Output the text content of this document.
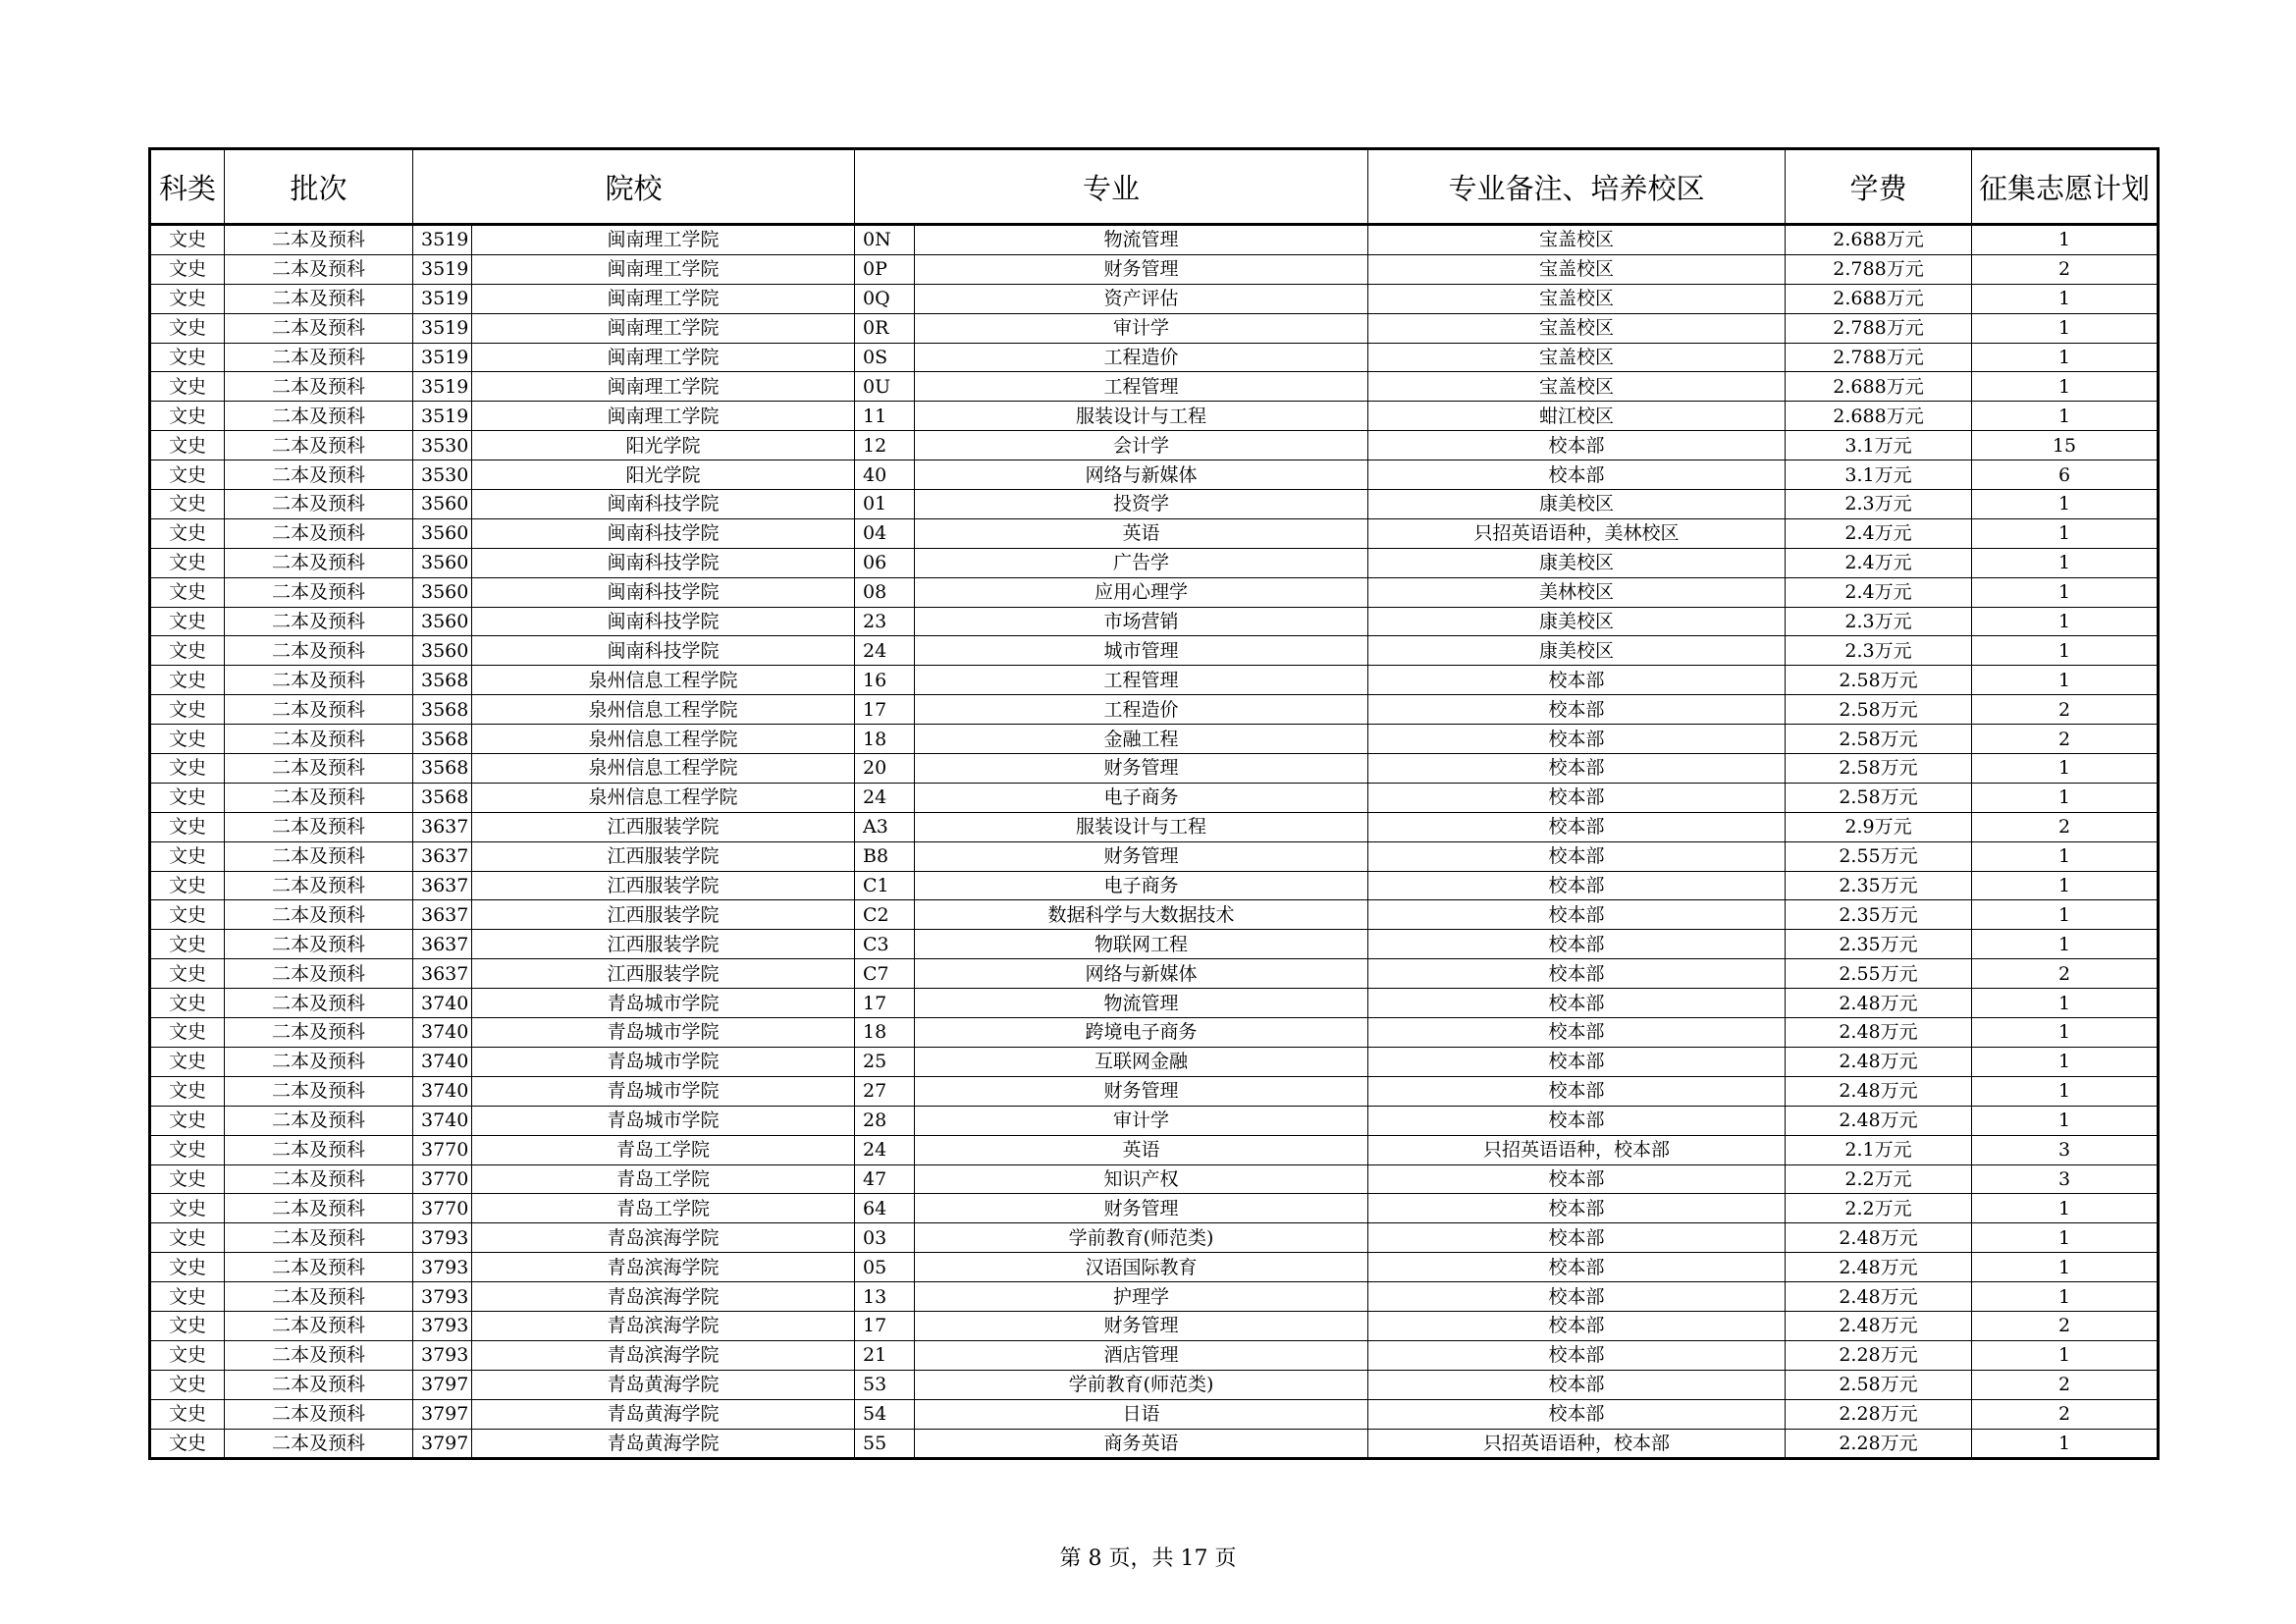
科类	批次	院校		专业		专业备注、培养校区	学费	征集志愿计划
文史	二本及预科	3519	闽南理工学院	0N	物流管理	宝盖校区	2.688万元	1
文史	二本及预科	3519	闽南理工学院	0P	财务管理	宝盖校区	2.788万元	2
文史	二本及预科	3519	闽南理工学院	0Q	资产评估	宝盖校区	2.688万元	1
文史	二本及预科	3519	闽南理工学院	0R	审计学	宝盖校区	2.788万元	1
文史	二本及预科	3519	闽南理工学院	0S	工程造价	宝盖校区	2.788万元	1
文史	二本及预科	3519	闽南理工学院	0U	工程管理	宝盖校区	2.688万元	1
文史	二本及预科	3519	闽南理工学院	11	服装设计与工程	蚶江校区	2.688万元	1
文史	二本及预科	3530	阳光学院	12	会计学	校本部	3.1万元	15
文史	二本及预科	3530	阳光学院	40	网络与新媒体	校本部	3.1万元	6
文史	二本及预科	3560	闽南科技学院	01	投资学	康美校区	2.3万元	1
文史	二本及预科	3560	闽南科技学院	04	英语	只招英语语种，美林校区	2.4万元	1
文史	二本及预科	3560	闽南科技学院	06	广告学	康美校区	2.4万元	1
文史	二本及预科	3560	闽南科技学院	08	应用心理学	美林校区	2.4万元	1
文史	二本及预科	3560	闽南科技学院	23	市场营销	康美校区	2.3万元	1
文史	二本及预科	3560	闽南科技学院	24	城市管理	康美校区	2.3万元	1
文史	二本及预科	3568	泉州信息工程学院	16	工程管理	校本部	2.58万元	1
文史	二本及预科	3568	泉州信息工程学院	17	工程造价	校本部	2.58万元	2
文史	二本及预科	3568	泉州信息工程学院	18	金融工程	校本部	2.58万元	2
文史	二本及预科	3568	泉州信息工程学院	20	财务管理	校本部	2.58万元	1
文史	二本及预科	3568	泉州信息工程学院	24	电子商务	校本部	2.58万元	1
文史	二本及预科	3637	江西服装学院	A3	服装设计与工程	校本部	2.9万元	2
文史	二本及预科	3637	江西服装学院	B8	财务管理	校本部	2.55万元	1
文史	二本及预科	3637	江西服装学院	C1	电子商务	校本部	2.35万元	1
文史	二本及预科	3637	江西服装学院	C2	数据科学与大数据技术	校本部	2.35万元	1
文史	二本及预科	3637	江西服装学院	C3	物联网工程	校本部	2.35万元	1
文史	二本及预科	3637	江西服装学院	C7	网络与新媒体	校本部	2.55万元	2
文史	二本及预科	3740	青岛城市学院	17	物流管理	校本部	2.48万元	1
文史	二本及预科	3740	青岛城市学院	18	跨境电子商务	校本部	2.48万元	1
文史	二本及预科	3740	青岛城市学院	25	互联网金融	校本部	2.48万元	1
文史	二本及预科	3740	青岛城市学院	27	财务管理	校本部	2.48万元	1
文史	二本及预科	3740	青岛城市学院	28	审计学	校本部	2.48万元	1
文史	二本及预科	3770	青岛工学院	24	英语	只招英语语种，校本部	2.1万元	3
文史	二本及预科	3770	青岛工学院	47	知识产权	校本部	2.2万元	3
文史	二本及预科	3770	青岛工学院	64	财务管理	校本部	2.2万元	1
文史	二本及预科	3793	青岛滨海学院	03	学前教育(师范类)	校本部	2.48万元	1
文史	二本及预科	3793	青岛滨海学院	05	汉语国际教育	校本部	2.48万元	1
文史	二本及预科	3793	青岛滨海学院	13	护理学	校本部	2.48万元	1
文史	二本及预科	3793	青岛滨海学院	17	财务管理	校本部	2.48万元	2
文史	二本及预科	3793	青岛滨海学院	21	酒店管理	校本部	2.28万元	1
文史	二本及预科	3797	青岛黄海学院	53	学前教育(师范类)	校本部	2.58万元	2
文史	二本及预科	3797	青岛黄海学院	54	日语	校本部	2.28万元	2
文史	二本及预科	3797	青岛黄海学院	55	商务英语	只招英语语种，校本部	2.28万元	1
第 8 页，共 17 页
